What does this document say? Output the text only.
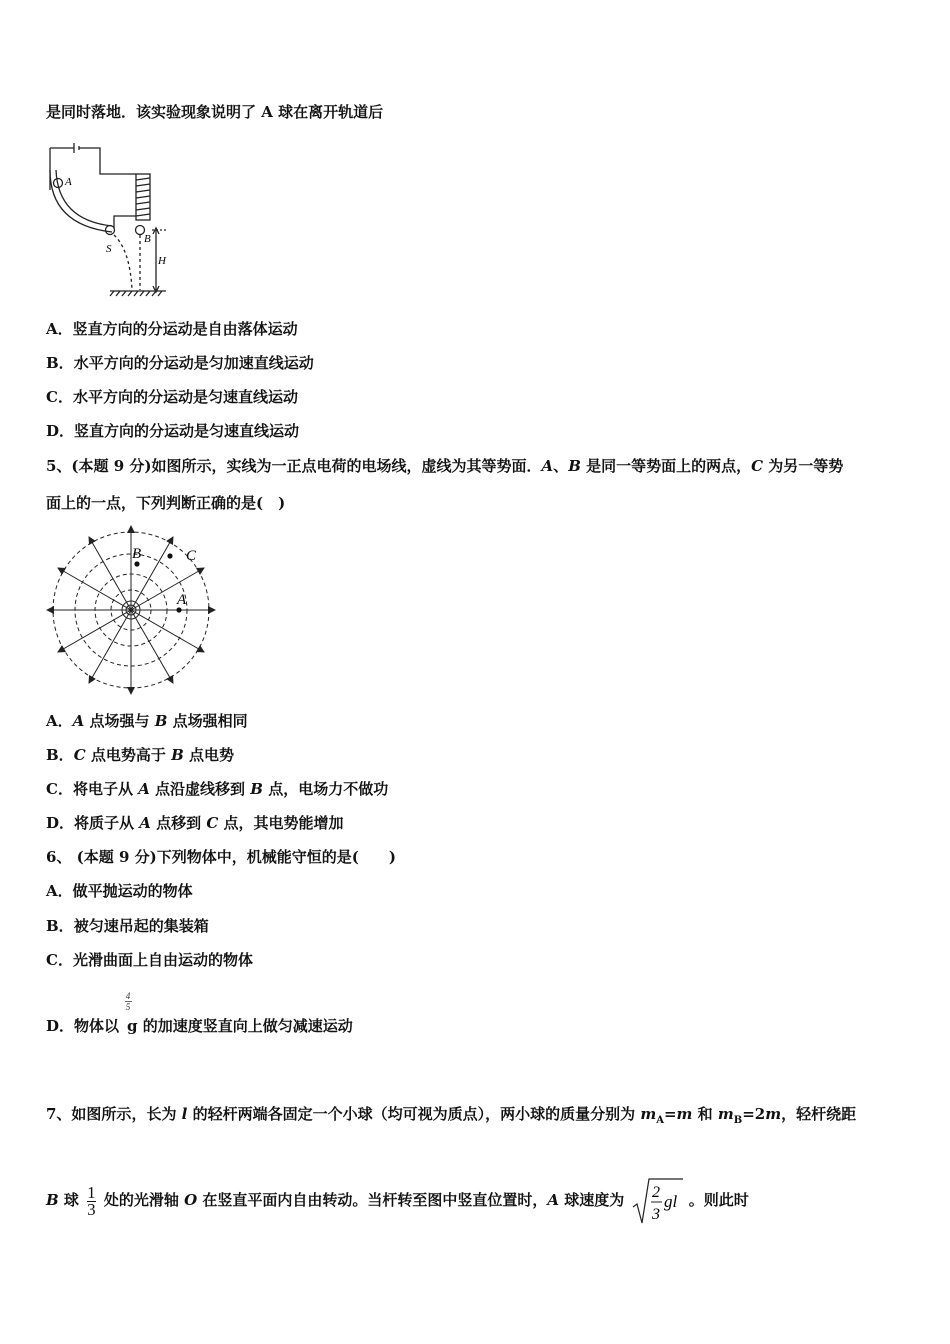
是同时落地．该实验现象说明了 A 球在离开轨道后
A
B
S
H
A．竖直方向的分运动是自由落体运动
B．水平方向的分运动是匀加速直线运动
C．水平方向的分运动是匀速直线运动
D．竖直方向的分运动是匀速直线运动
5、(本题 9 分)如图所示，实线为一正点电荷的电场线，虚线为其等势面．A、B 是同一等势面上的两点，C 为另一等势
面上的一点，下列判断正确的是(　)
B	C
A
A．A 点场强与 B 点场强相同
B．C 点电势高于 B 点电势
C．将电子从 A 点沿虚线移到 B 点，电场力不做功
D．将质子从 A 点移到 C 点，其电势能增加
6、 (本题 9 分)下列物体中，机械能守恒的是(　　)
A．做平抛运动的物体
B．被匀速吊起的集装箱
C．光滑曲面上自由运动的物体
4
5
D．物体以 g 的加速度竖直向上做匀减速运动
7、如图所示，长为 l 的轻杆两端各固定一个小球（均可视为质点），两小球的质量分别为 $m_A=m$ 和 $m_B=2m$，轻杆绕距
B 球 $\frac{1}{3}$ 处的光滑轴 O 在竖直平面内自由转动。当杆转至图中竖直位置时，A 球速度为 2
3
gl 。则此时
